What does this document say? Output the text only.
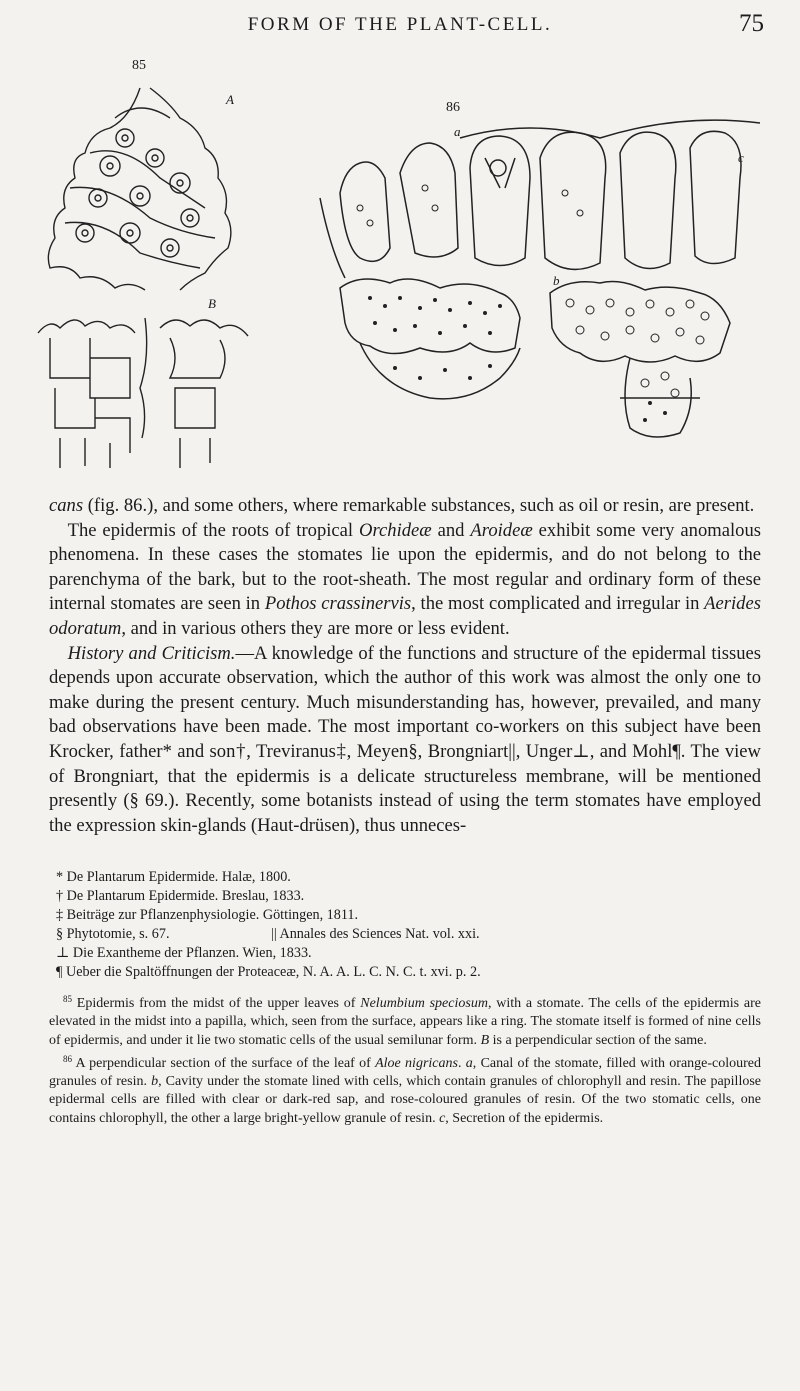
FORM OF THE PLANT-CELL.	75
85
A
B
86
a
b
c

cans (fig. 86.), and some others, where remarkable substances, such as oil or resin, are present.

 The epidermis of the roots of tropical Orchideæ and Aroideæ exhibit some very anomalous phenomena. In these cases the stomates lie upon the epidermis, and do not belong to the parenchyma of the bark, but to the root-sheath. The most regular and ordinary form of these internal stomates are seen in Pothos crassinervis, the most complicated and irregular in Aerides odoratum, and in various others they are more or less evident.

 History and Criticism.—A knowledge of the functions and structure of the epidermal tissues depends upon accurate observation, which the author of this work was almost the only one to make during the present century. Much misunderstanding has, however, prevailed, and many bad observations have been made. The most important co-workers on this subject have been Krocker, father* and son†, Treviranus‡, Meyen§, Brongniart||, Unger⊥, and Mohl¶. The view of Brongniart, that the epidermis is a delicate structureless membrane, will be mentioned presently (§ 69.). Recently, some botanists instead of using the term stomates have employed the expression skin-glands (Haut-drüsen), thus unneces-

* De Plantarum Epidermide. Halæ, 1800.
† De Plantarum Epidermide. Breslau, 1833.
‡ Beiträge zur Pflanzenphysiologie. Göttingen, 1811.
§ Phytotomie, s. 67.	|| Annales des Sciences Nat. vol. xxi.
⊥ Die Exantheme der Pflanzen. Wien, 1833.
¶ Ueber die Spaltöffnungen der Proteaceæ, N. A. A. L. C. N. C. t. xvi. p. 2.

 $^{85}$ Epidermis from the midst of the upper leaves of Nelumbium speciosum, with a stomate. The cells of the epidermis are elevated in the midst into a papilla, which, seen from the surface, appears like a ring. The stomate itself is formed of nine cells of epidermis, and under it lie two stomatic cells of the usual semilunar form. B is a perpendicular section of the same.

 $^{86}$ A perpendicular section of the surface of the leaf of Aloe nigricans. a, Canal of the stomate, filled with orange-coloured granules of resin. b, Cavity under the stomate lined with cells, which contain granules of chlorophyll and resin. The papillose epidermal cells are filled with clear or dark-red sap, and rose-coloured granules of resin. Of the two stomatic cells, one contains chlorophyll, the other a large bright-yellow granule of resin. c, Secretion of the epidermis.
